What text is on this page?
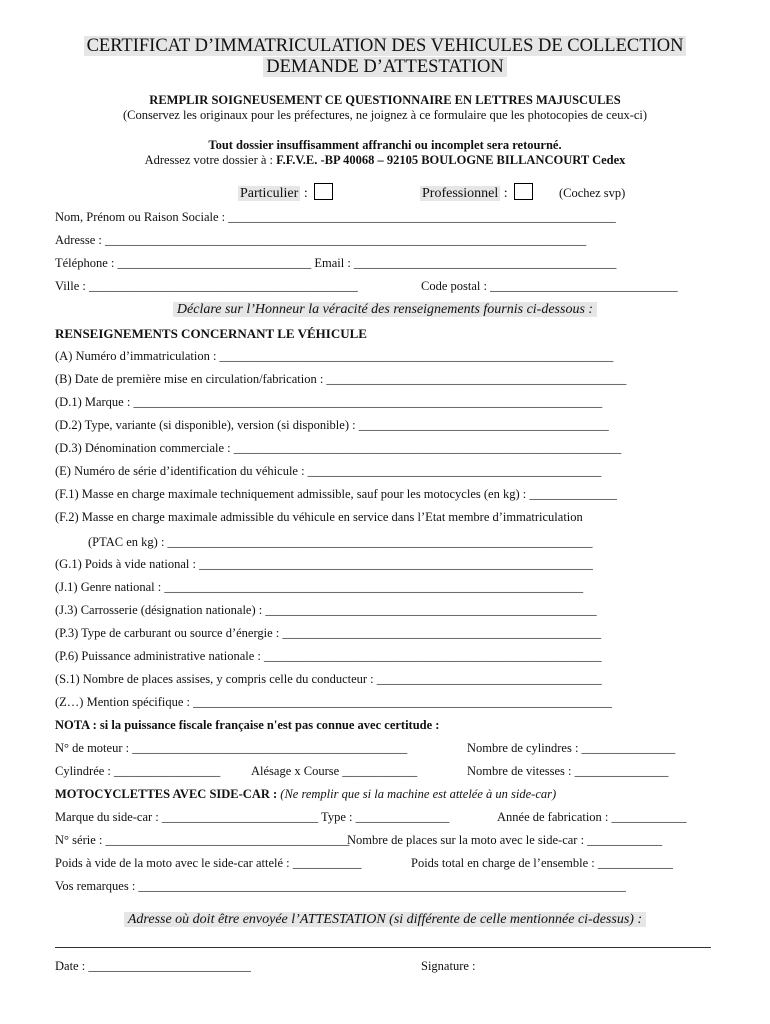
CERTIFICAT D’IMMATRICULATION DES VEHICULES DE COLLECTION
DEMANDE D’ATTESTATION
REMPLIR SOIGNEUSEMENT CE QUESTIONNAIRE EN LETTRES MAJUSCULES
(Conservez les originaux pour les préfectures, ne joignez à ce formulaire que les photocopies de ceux-ci)
Tout dossier insuffisamment affranchi ou incomplet sera retourné.
Adressez votre dossier à : F.F.V.E. -BP 40068 – 92105 BOULOGNE BILLANCOURT Cedex
Particulier :	Professionnel :	(Cochez svp)
Nom, Prénom ou Raison Sociale : ______________________________________________________________
Adresse : _____________________________________________________________________________
Téléphone : _______________________________ Email : __________________________________________
Ville : ___________________________________________	Code postal : ______________________________
Déclare sur l’Honneur la véracité des renseignements fournis ci-dessous :
RENSEIGNEMENTS CONCERNANT LE VÉHICULE
(A) Numéro d’immatriculation : _______________________________________________________________
(B) Date de première mise en circulation/fabrication : ________________________________________________
(D.1) Marque : ___________________________________________________________________________
(D.2) Type, variante (si disponible), version (si disponible) : ________________________________________
(D.3) Dénomination commerciale : ______________________________________________________________
(E) Numéro de série d’identification du véhicule : _______________________________________________
(F.1) Masse en charge maximale techniquement admissible, sauf pour les motocycles (en kg) : ______________
(F.2) Masse en charge maximale admissible du véhicule en service dans l’Etat membre d’immatriculation
(PTAC en kg) : ____________________________________________________________________
(G.1) Poids à vide national : _______________________________________________________________
(J.1) Genre national : ___________________________________________________________________
(J.3) Carrosserie (désignation nationale) : _____________________________________________________
(P.3) Type de carburant ou source d’énergie : ___________________________________________________
(P.6) Puissance administrative nationale : ______________________________________________________
(S.1) Nombre de places assises, y compris celle du conducteur : ____________________________________
(Z…) Mention spécifique : ___________________________________________________________________
NOTA : si la puissance fiscale française n'est pas connue avec certitude :
N° de moteur : ____________________________________________	Nombre de cylindres : _______________
Cylindrée : _________________ Alésage x Course ____________	Nombre de vitesses : _______________
MOTOCYCLETTES AVEC SIDE-CAR : (Ne remplir que si la machine est attelée à un side-car)
Marque du side-car : _________________________ Type : _______________	Année de fabrication : ____________
N° série : _______________________________________
Nombre de places sur la moto avec le side-car : ____________
Poids à vide de la moto avec le side-car attelé : ___________	Poids total en charge de l’ensemble : ____________
Vos remarques : ______________________________________________________________________________
Adresse où doit être envoyée l’ATTESTATION (si différente de celle mentionnée ci-dessus) :
Date : __________________________	Signature :
